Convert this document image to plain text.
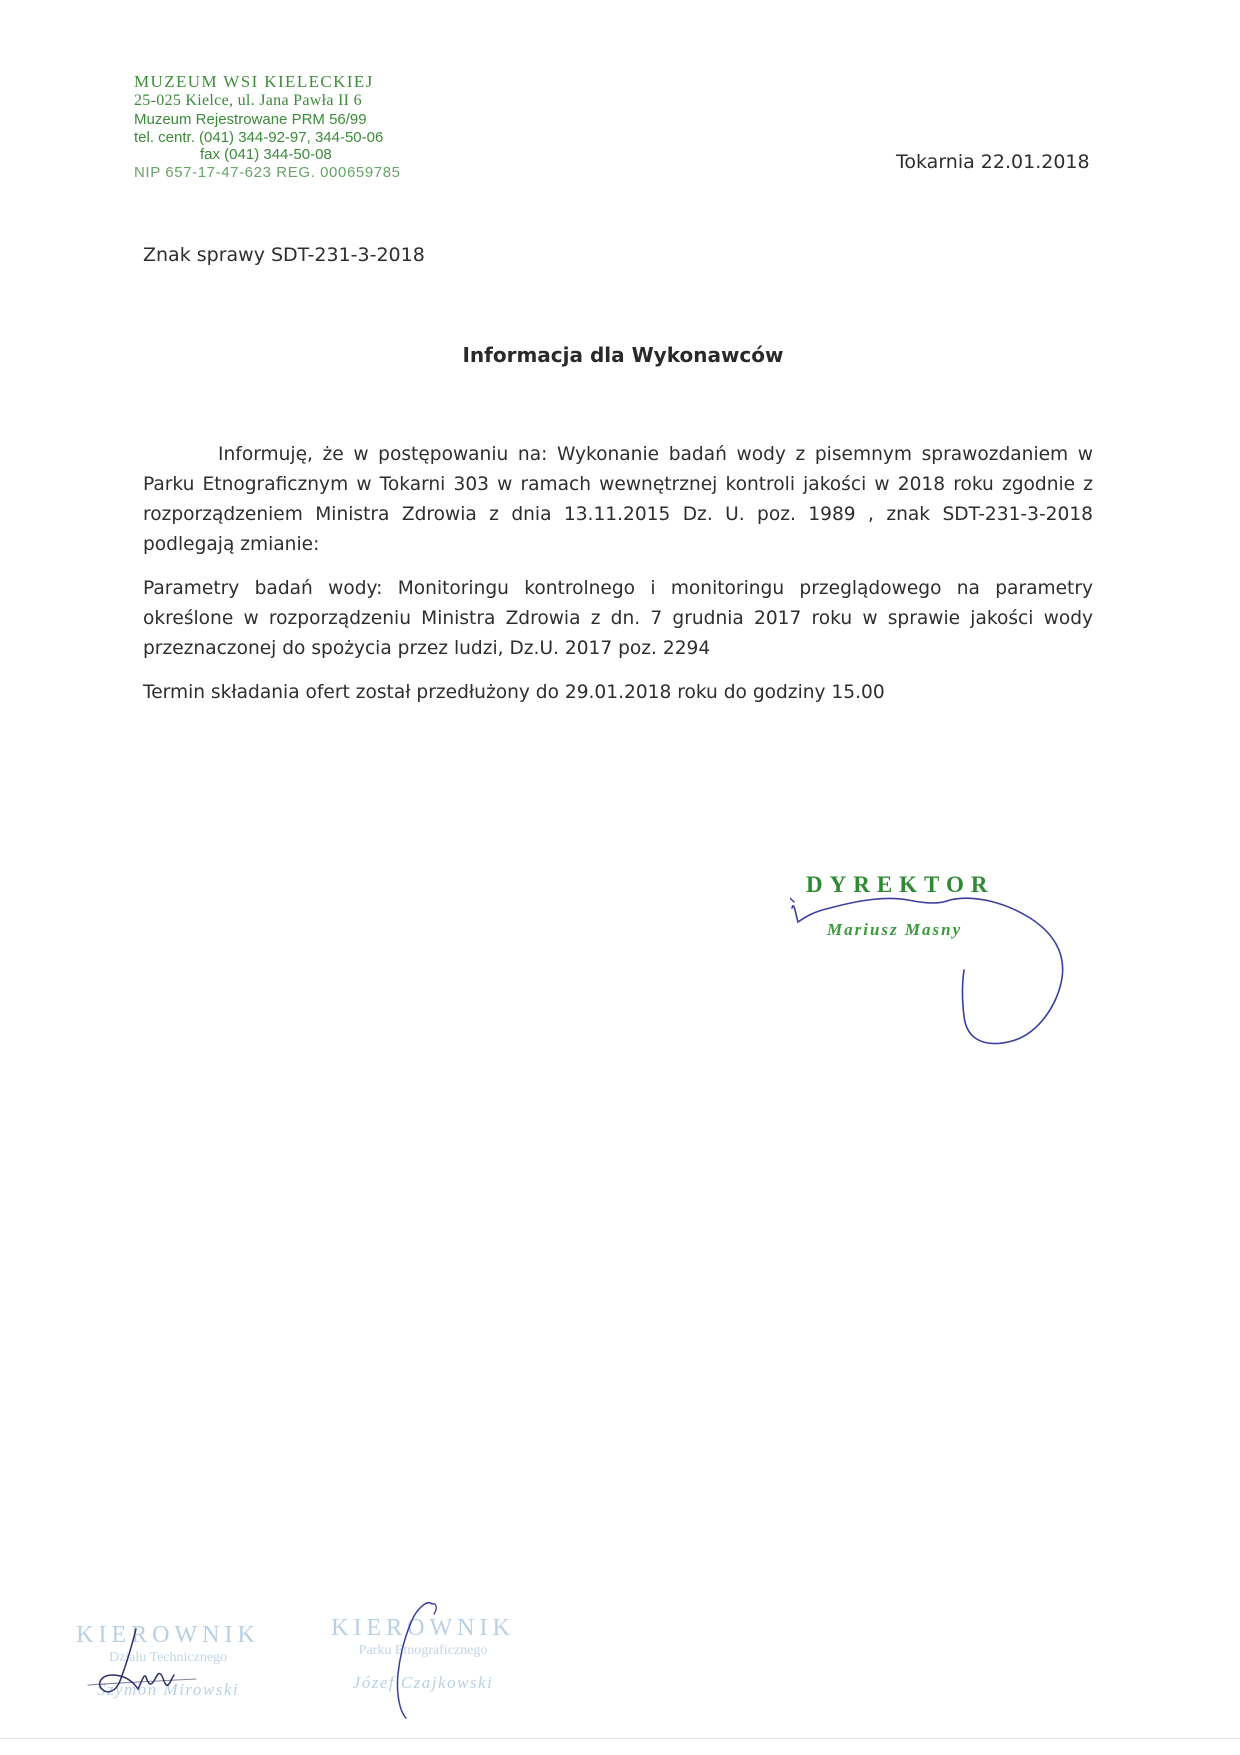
MUZEUM WSI KIELECKIEJ
25-025 Kielce, ul. Jana Pawła II 6
Muzeum Rejestrowane PRM 56/99
tel. centr. (041) 344-92-97, 344-50-06
fax (041) 344-50-08
NIP 657-17-47-623 REG. 000659785	Tokarnia 22.01.2018
Znak sprawy SDT-231-3-2018
Informacja dla Wykonawców

Informuję, że w postępowaniu na: Wykonanie badań wody z pisemnym sprawozdaniem w Parku Etnograficznym w Tokarni 303 w ramach wewnętrznej kontroli jakości w 2018 roku zgodnie z rozporządzeniem Ministra Zdrowia z dnia 13.11.2015 Dz. U. poz. 1989 , znak SDT-231-3-2018 podlegają zmianie:

Parametry badań wody: Monitoringu kontrolnego i monitoringu przeglądowego na parametry określone w rozporządzeniu Ministra Zdrowia z dn. 7 grudnia 2017 roku w sprawie jakości wody przeznaczonej do spożycia przez ludzi, Dz.U. 2017 poz. 2294

Termin składania ofert został przedłużony do 29.01.2018 roku do godziny 15.00

DYREKTOR
Mariusz Masny
KIEROWNIK
Działu Technicznego
Szymon Mirowski
KIEROWNIK
Parku Etnograficznego
Józef Czajkowski
